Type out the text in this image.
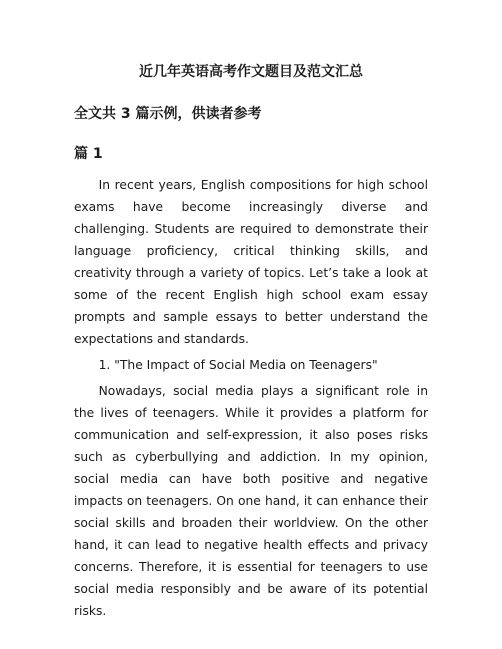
近几年英语高考作文题目及范文汇总
全文共 3 篇示例，供读者参考
篇 1

In recent years, English compositions for high school exams have become increasingly diverse and challenging. Students are required to demonstrate their language proficiency, critical thinking skills, and creativity through a variety of topics. Let’s take a look at some of the recent English high school exam essay prompts and sample essays to better understand the expectations and standards.

1. "The Impact of Social Media on Teenagers"

Nowadays, social media plays a significant role in the lives of teenagers. While it provides a platform for communication and self-expression, it also poses risks such as cyberbullying and addiction. In my opinion, social media can have both positive and negative impacts on teenagers. On one hand, it can enhance their social skills and broaden their worldview. On the other hand, it can lead to negative health effects and privacy concerns. Therefore, it is essential for teenagers to use social media responsibly and be aware of its potential risks.
